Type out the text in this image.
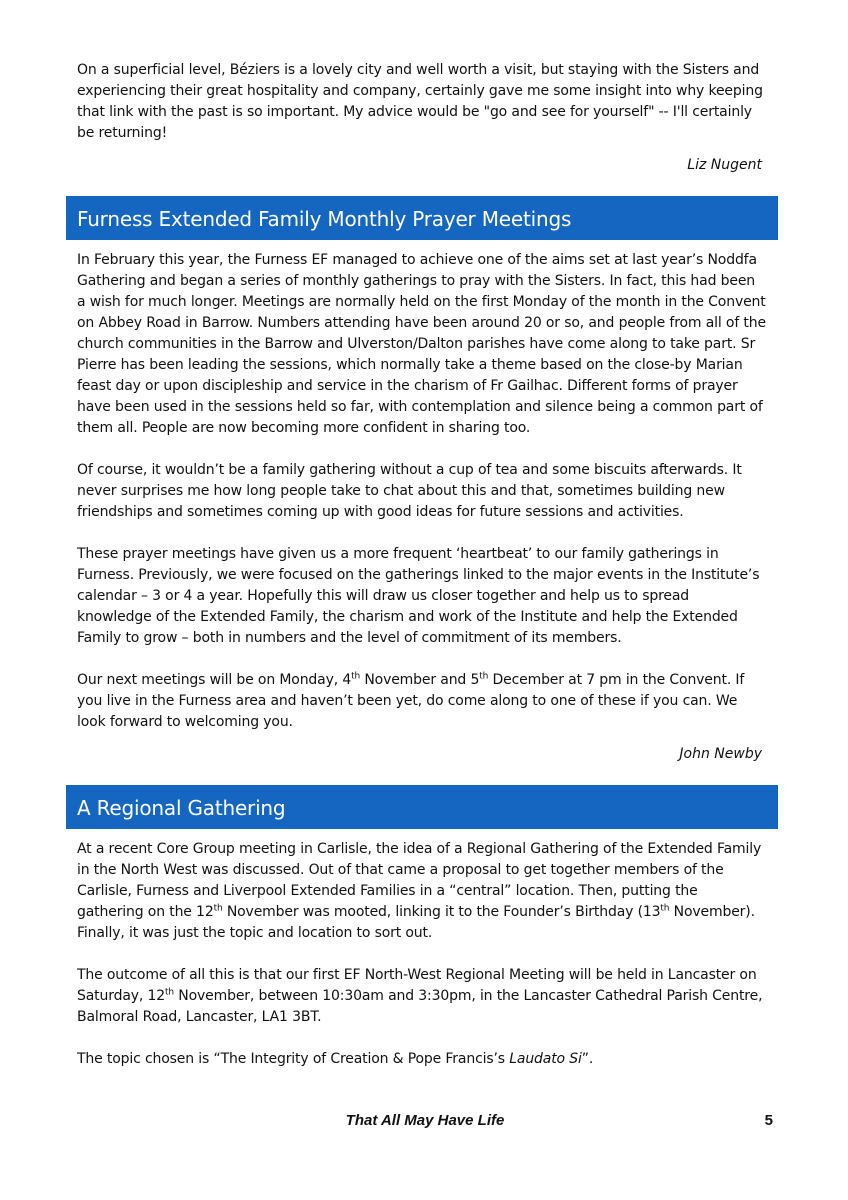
On a superficial level, Béziers is a lovely city and well worth a visit, but staying with the Sisters and experiencing their great hospitality and company, certainly gave me some insight into why keeping that link with the past is so important. My advice would be "go and see for yourself" -- I'll certainly be returning!

Liz Nugent
Furness Extended Family Monthly Prayer Meetings

In February this year, the Furness EF managed to achieve one of the aims set at last year’s Noddfa Gathering and began a series of monthly gatherings to pray with the Sisters. In fact, this had been a wish for much longer. Meetings are normally held on the first Monday of the month in the Convent on Abbey Road in Barrow. Numbers attending have been around 20 or so, and people from all of the church communities in the Barrow and Ulverston/Dalton parishes have come along to take part. Sr Pierre has been leading the sessions, which normally take a theme based on the close-by Marian feast day or upon discipleship and service in the charism of Fr Gailhac. Different forms of prayer have been used in the sessions held so far, with contemplation and silence being a common part of them all. People are now becoming more confident in sharing too.

Of course, it wouldn’t be a family gathering without a cup of tea and some biscuits afterwards. It never surprises me how long people take to chat about this and that, sometimes building new friendships and sometimes coming up with good ideas for future sessions and activities.

These prayer meetings have given us a more frequent ‘heartbeat’ to our family gatherings in Furness. Previously, we were focused on the gatherings linked to the major events in the Institute’s calendar – 3 or 4 a year. Hopefully this will draw us closer together and help us to spread knowledge of the Extended Family, the charism and work of the Institute and help the Extended Family to grow – both in numbers and the level of commitment of its members.

Our next meetings will be on Monday, 4th November and 5th December at 7 pm in the Convent. If you live in the Furness area and haven’t been yet, do come along to one of these if you can. We look forward to welcoming you.

John Newby
A Regional Gathering

At a recent Core Group meeting in Carlisle, the idea of a Regional Gathering of the Extended Family in the North West was discussed. Out of that came a proposal to get together members of the Carlisle, Furness and Liverpool Extended Families in a “central” location. Then, putting the gathering on the 12th November was mooted, linking it to the Founder’s Birthday (13th November). Finally, it was just the topic and location to sort out.

The outcome of all this is that our first EF North-West Regional Meeting will be held in Lancaster on Saturday, 12th November, between 10:30am and 3:30pm, in the Lancaster Cathedral Parish Centre, Balmoral Road, Lancaster, LA1 3BT.

The topic chosen is “The Integrity of Creation & Pope Francis’s Laudato Si”.

That All May Have Life	5
